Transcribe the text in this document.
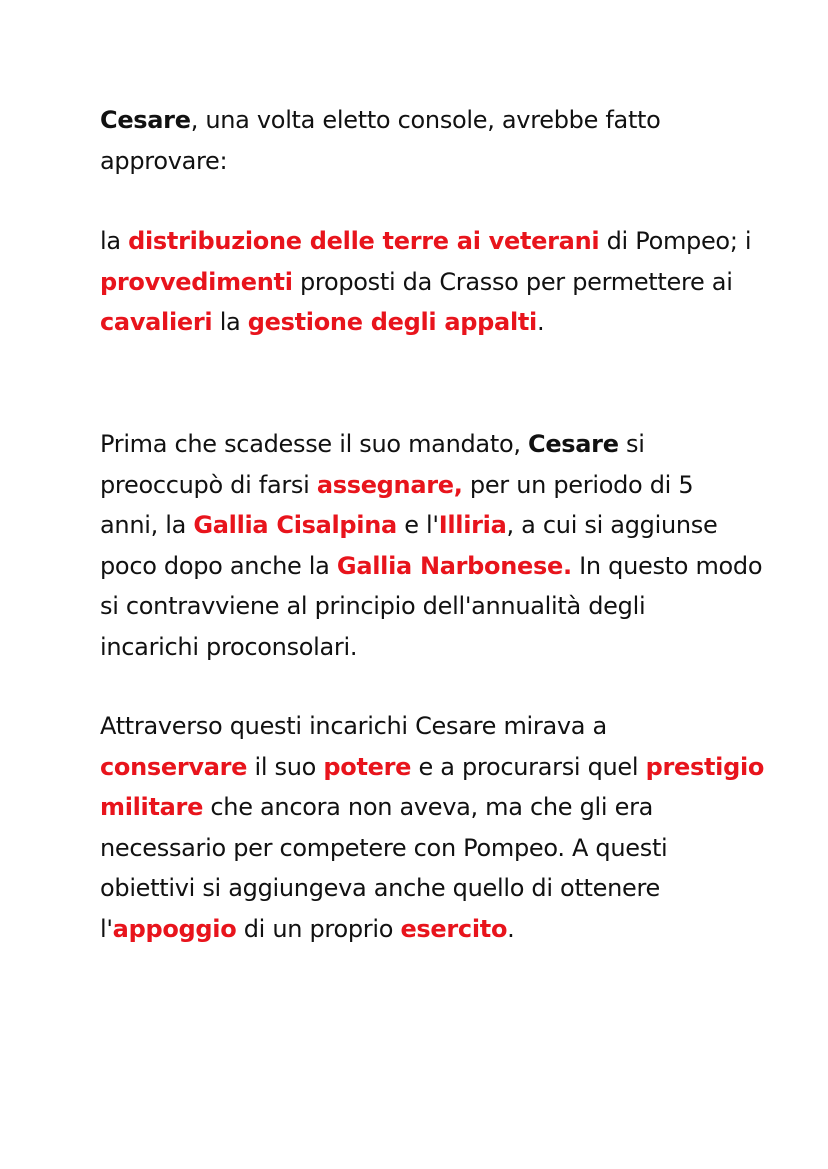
Cesare, una volta eletto console, avrebbe fatto
approvare:
la distribuzione delle terre ai veterani di Pompeo; i
provvedimenti proposti da Crasso per permettere ai
cavalieri la gestione degli appalti.
Prima che scadesse il suo mandato, Cesare si
preoccupò di farsi assegnare, per un periodo di 5
anni, la Gallia Cisalpina e l'Illiria, a cui si aggiunse
poco dopo anche la Gallia Narbonese. In questo modo
si contravviene al principio dell'annualità degli
incarichi proconsolari.
Attraverso questi incarichi Cesare mirava a
conservare il suo potere e a procurarsi quel prestigio
militare che ancora non aveva, ma che gli era
necessario per competere con Pompeo. A questi
obiettivi si aggiungeva anche quello di ottenere
l'appoggio di un proprio esercito.
